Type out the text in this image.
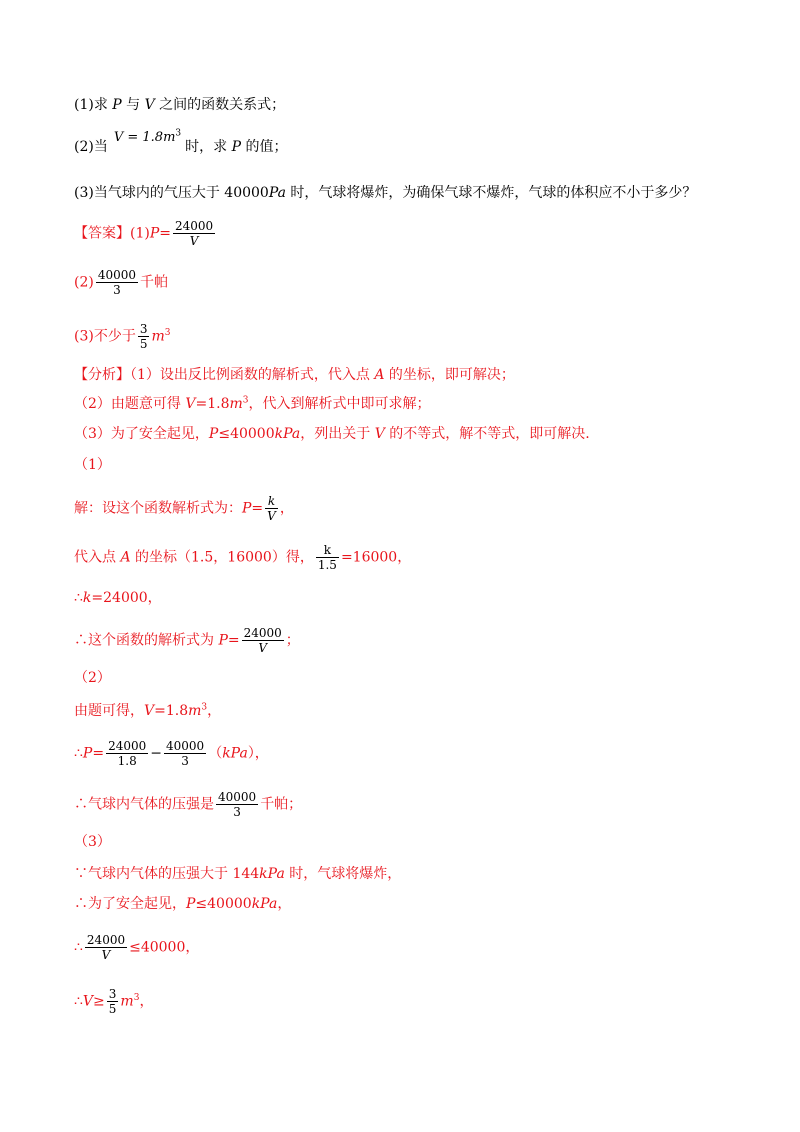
(1)求 P 与 V 之间的函数关系式；
(2)当$V = 1.8m^3$时，求 P 的值；
(3)当气球内的气压大于 40000Pa 时，气球将爆炸，为确保气球不爆炸，气球的体积应不小于多少？
【答案】$(1)P= \frac{24000}{V}$
$(2) \frac{40000}{3}$ 千帕
(3)不少于 $\frac{3}{5} m^3$
【分析】（1）设出反比例函数的解析式，代入点 A 的坐标，即可解决；
（2）由题意可得 $V=1.8m^3$，代入到解析式中即可求解；
（3）为了安全起见，P≤40000kPa，列出关于 V 的不等式，解不等式，即可解决.
（1）
解：设这个函数解析式为：$P= \frac{k}{V}$ ，
代入点 A 的坐标（1.5，16000）得， $\frac{k}{1.5} =16000$，
∴k=24000，
∴这个函数的解析式为 $P= \frac{24000}{V}$ ；
（2）
由题可得，$V=1.8m^3$，
∴P= $\frac{24000}{1.8} - \frac{40000}{3} (kPa)$，
∴气球内气体的压强是 $\frac{40000}{3}$ 千帕；
（3）
∵气球内气体的压强大于 144kPa 时，气球将爆炸，
∴为了安全起见，P≤40000kPa，
∴ $\frac{24000}{V} \le 40000$，
∴V≥ $\frac{3}{5} m^3$，
